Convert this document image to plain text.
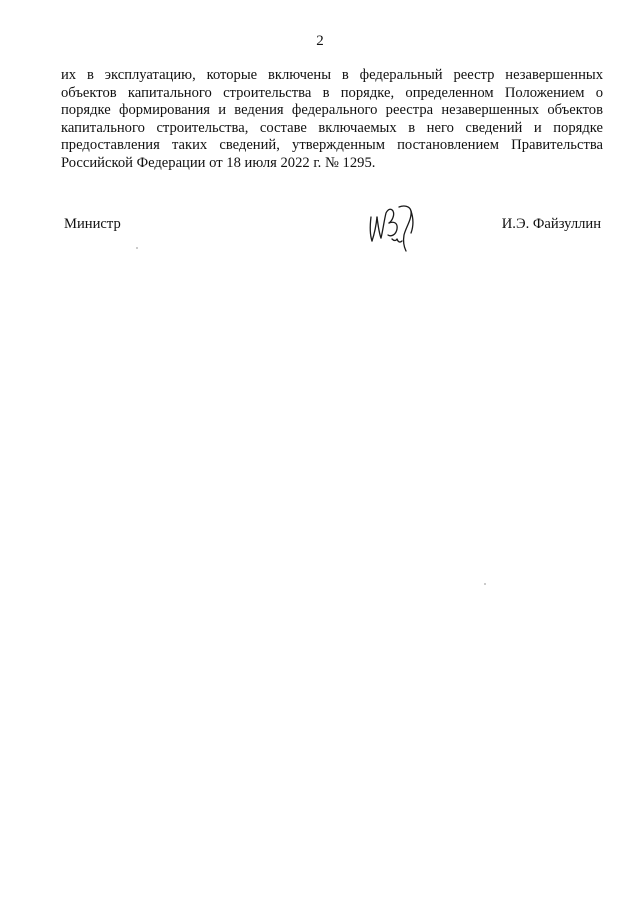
2

их в эксплуатацию, которые включены в федеральный реестр незавершенных объектов капитального строительства в порядке, определенном Положением о порядке формирования и ведения федерального реестра незавершенных объектов капитального строительства, составе включаемых в него сведений и порядке предоставления таких сведений, утвержденным постановлением Правительства Российской Федерации от 18 июля 2022 г. № 1295.

Министр	И.Э. Файзуллин
